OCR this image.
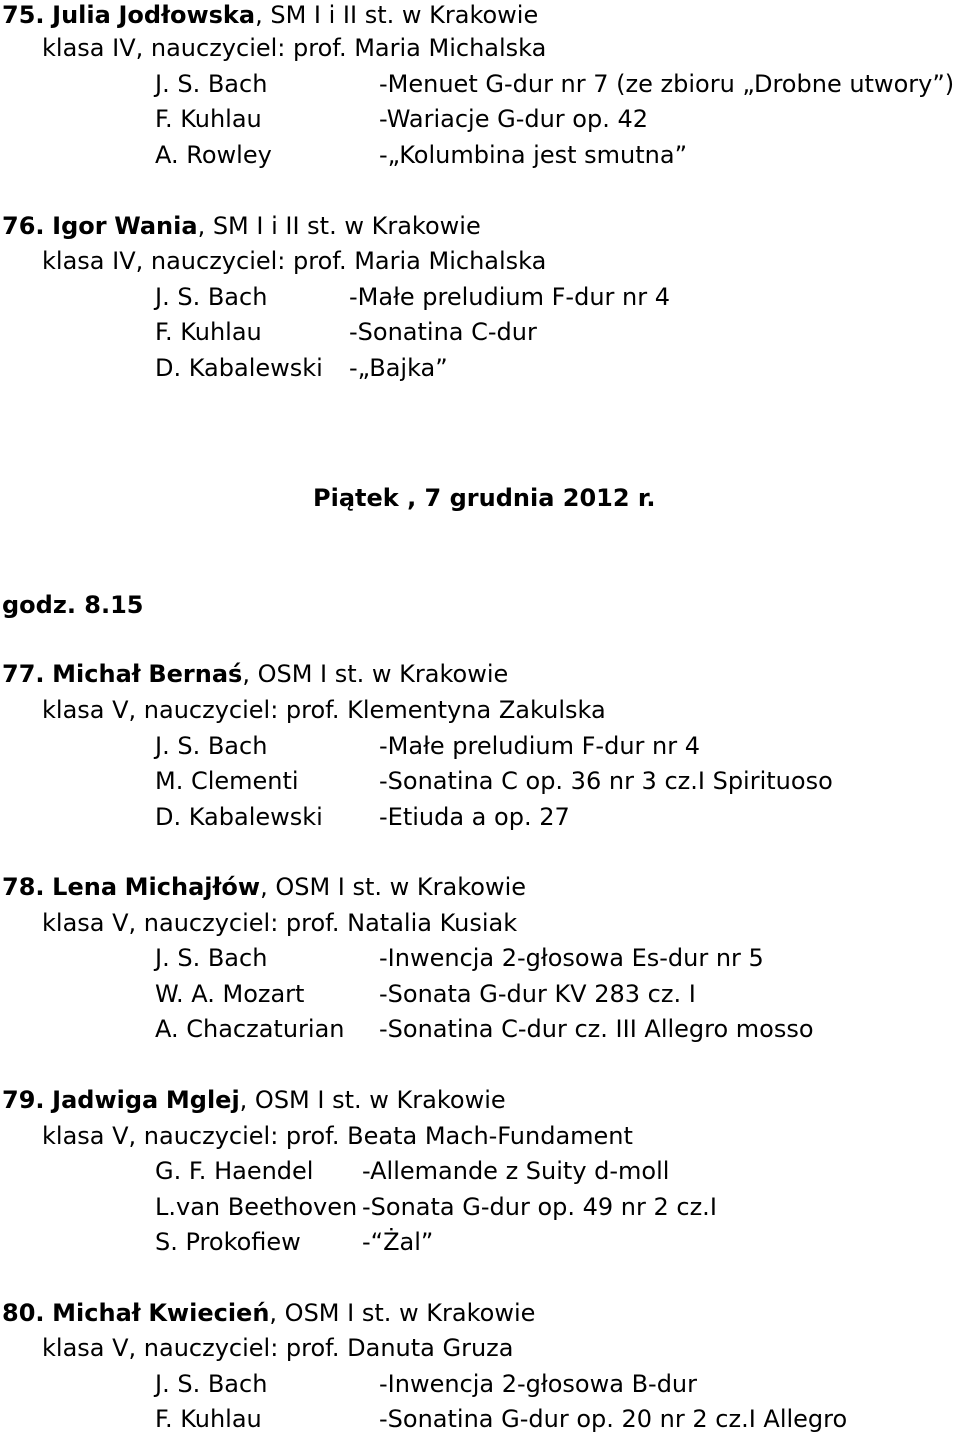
75. Julia Jodłowska, SM I i II st. w Krakowie
klasa IV, nauczyciel: prof. Maria Michalska
J. S. Bach	-Menuet G-dur nr 7 (ze zbioru „Drobne utwory”)
F. Kuhlau	-Wariacje G-dur op. 42
A. Rowley	-„Kolumbina jest smutna”
76. Igor Wania, SM I i II st. w Krakowie
klasa IV, nauczyciel: prof. Maria Michalska
J. S. Bach	-Małe preludium F-dur nr 4
F. Kuhlau	-Sonatina C-dur
D. Kabalewski -„Bajka”
Piątek , 7 grudnia 2012 r.
godz. 8.15
77. Michał Bernaś, OSM I st. w Krakowie
klasa V, nauczyciel: prof. Klementyna Zakulska
J. S. Bach	-Małe preludium F-dur nr 4
M. Clementi	-Sonatina C op. 36 nr 3 cz.I Spirituoso
D. Kabalewski -Etiuda a op. 27
78. Lena Michajłów, OSM I st. w Krakowie
klasa V, nauczyciel: prof. Natalia Kusiak
J. S. Bach	-Inwencja 2-głosowa Es-dur nr 5
W. A. Mozart	-Sonata G-dur KV 283 cz. I
A. Chaczaturian -Sonatina C-dur cz. III Allegro mosso
79. Jadwiga Mglej, OSM I st. w Krakowie
klasa V, nauczyciel: prof. Beata Mach-Fundament
G. F. Haendel -Allemande z Suity d-moll
L.van Beethoven -Sonata G-dur op. 49 nr 2 cz.I
S. Prokofiew	-“Żal”
80. Michał Kwiecień, OSM I st. w Krakowie
klasa V, nauczyciel: prof. Danuta Gruza
J. S. Bach	-Inwencja 2-głosowa B-dur
F. Kuhlau	-Sonatina G-dur op. 20 nr 2 cz.I Allegro
